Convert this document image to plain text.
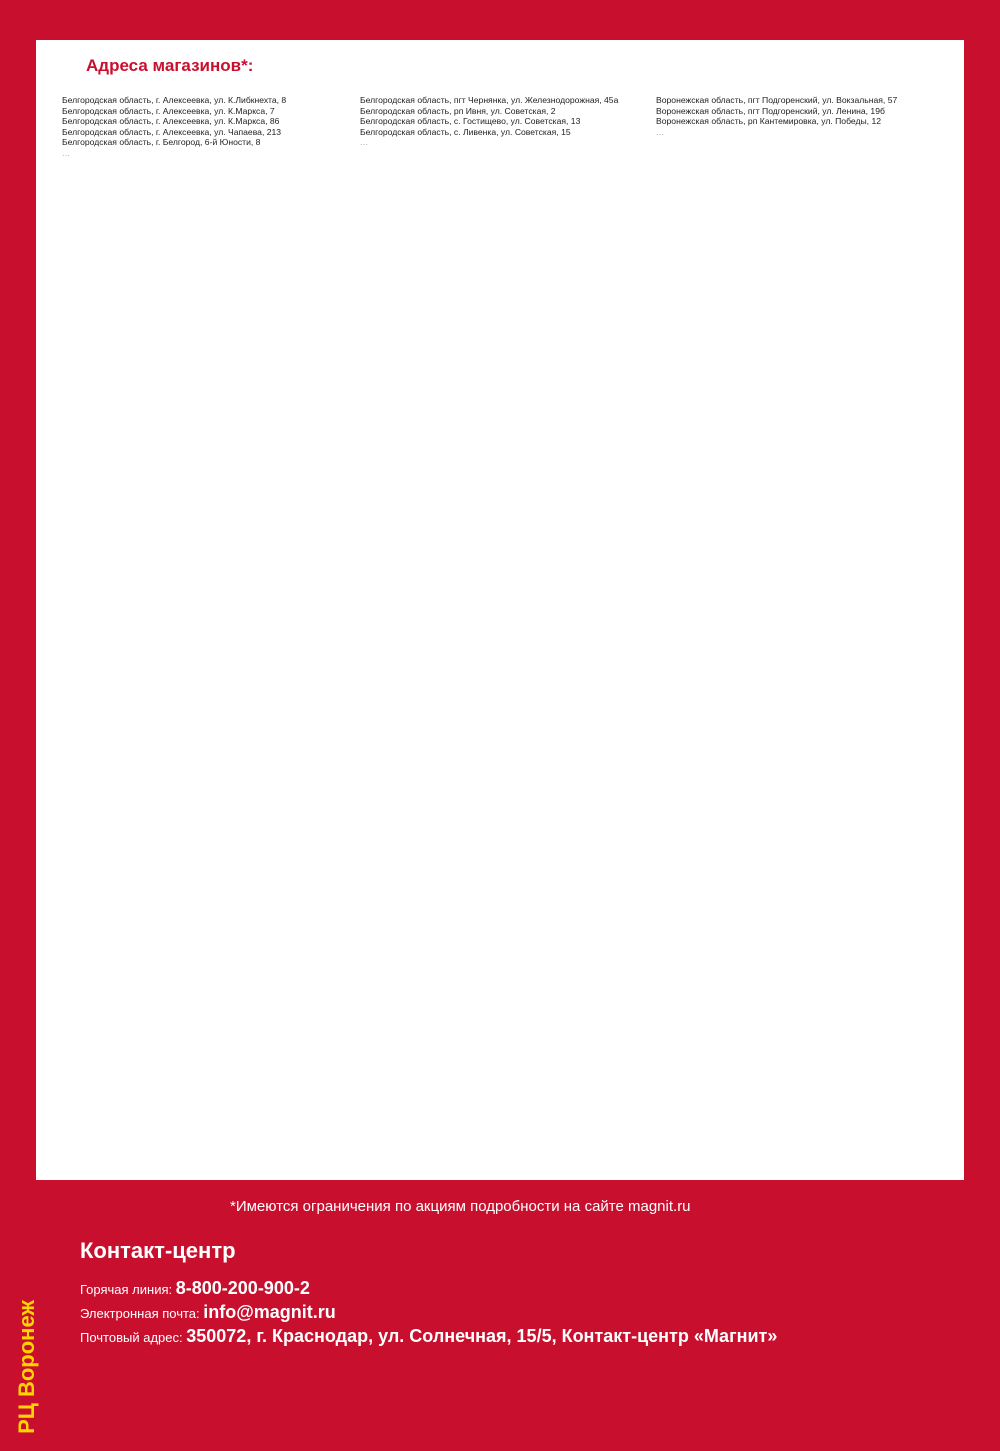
Адреса магазинов*:
Белгородская область, г. Алексеевка, ул. К.Либкнехта, 8
Белгородская область, г. Алексеевка, ул. К.Маркса, 7
Белгородская область, г. Алексеевка, ул. К.Маркса, 86
Белгородская область, г. Алексеевка, ул. Чапаева, 213
Белгородская область, г. Белгород, 6-й Юности, 8
…
Белгородская область, пгт Чернянка, ул. Железнодорожная, 45а
Белгородская область, рп Ивня, ул. Советская, 2
Белгородская область, с. Гостищево, ул. Советская, 13
Белгородская область, с. Ливенка, ул. Советская, 15
…
Воронежская область, пгт Подгоренский, ул. Вокзальная, 57
Воронежская область, пгт Подгоренский, ул. Ленина, 19б
Воронежская область, рп Кантемировка, ул. Победы, 12
…
*Имеются ограничения по акциям подробности на сайте magnit.ru
Контакт-центр
Горячая линия: 8-800-200-900-2
Электронная почта: info@magnit.ru
Почтовый адрес: 350072, г. Краснодар, ул. Солнечная, 15/5, Контакт-центр «Магнит»
РЦ Воронеж
